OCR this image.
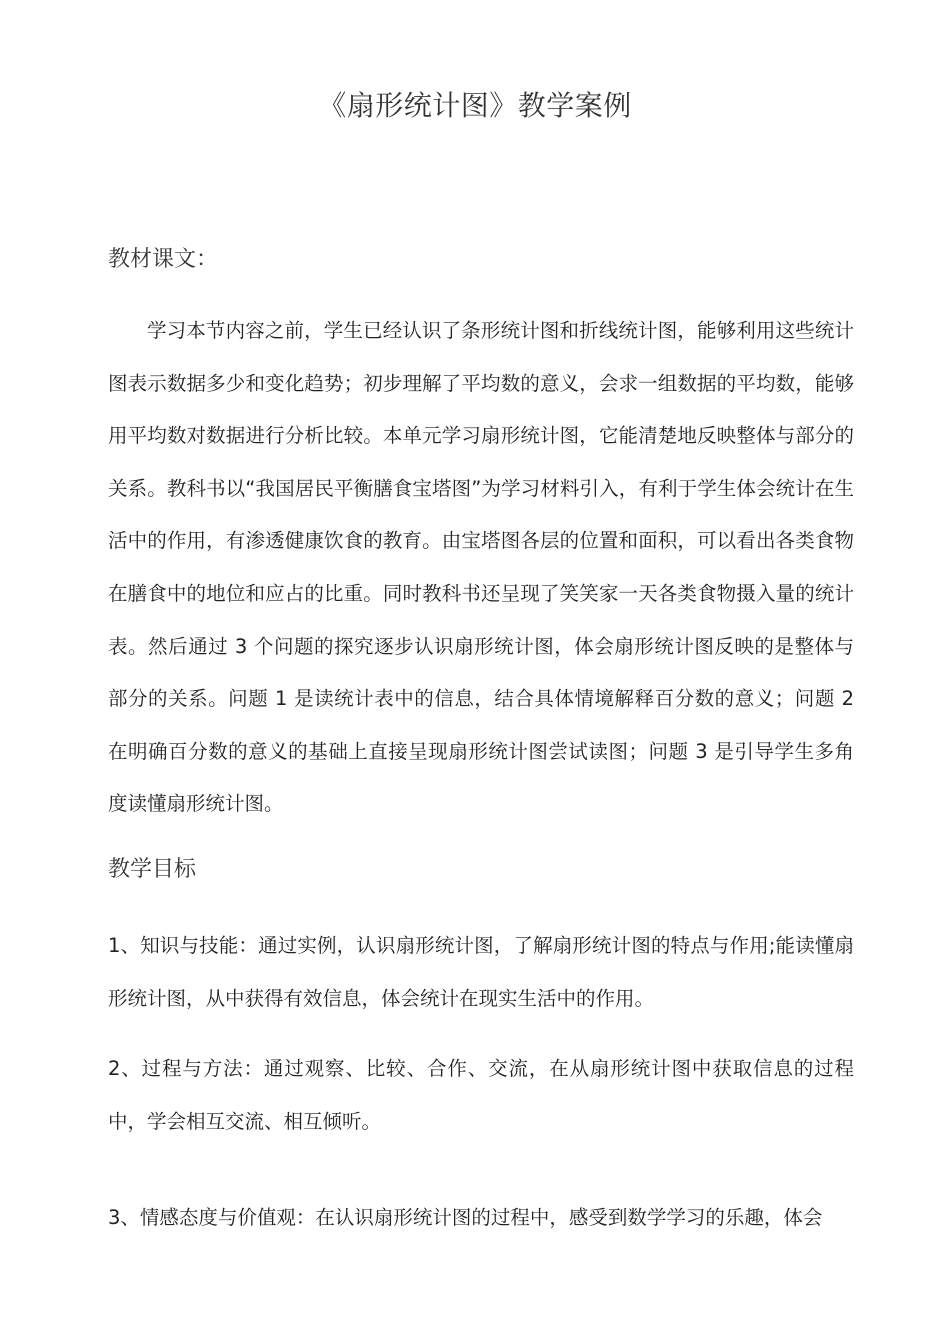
《扇形统计图》教学案例
教材课文：
学习本节内容之前，学生已经认识了条形统计图和折线统计图，能够利用这些统计图表示数据多少和变化趋势；初步理解了平均数的意义，会求一组数据的平均数，能够用平均数对数据进行分析比较。本单元学习扇形统计图，它能清楚地反映整体与部分的关系。教科书以“我国居民平衡膳食宝塔图”为学习材料引入，有利于学生体会统计在生活中的作用，有渗透健康饮食的教育。由宝塔图各层的位置和面积，可以看出各类食物在膳食中的地位和应占的比重。同时教科书还呈现了笑笑家一天各类食物摄入量的统计表。然后通过 3 个问题的探究逐步认识扇形统计图，体会扇形统计图反映的是整体与部分的关系。问题 1 是读统计表中的信息，结合具体情境解释百分数的意义；问题 2 在明确百分数的意义的基础上直接呈现扇形统计图尝试读图；问题 3 是引导学生多角度读懂扇形统计图。
教学目标
1、知识与技能：通过实例，认识扇形统计图，了解扇形统计图的特点与作用;能读懂扇形统计图，从中获得有效信息，体会统计在现实生活中的作用。
2、过程与方法：通过观察、比较、合作、交流，在从扇形统计图中获取信息的过程中，学会相互交流、相互倾听。
3、情感态度与价值观：在认识扇形统计图的过程中，感受到数学学习的乐趣，体会
